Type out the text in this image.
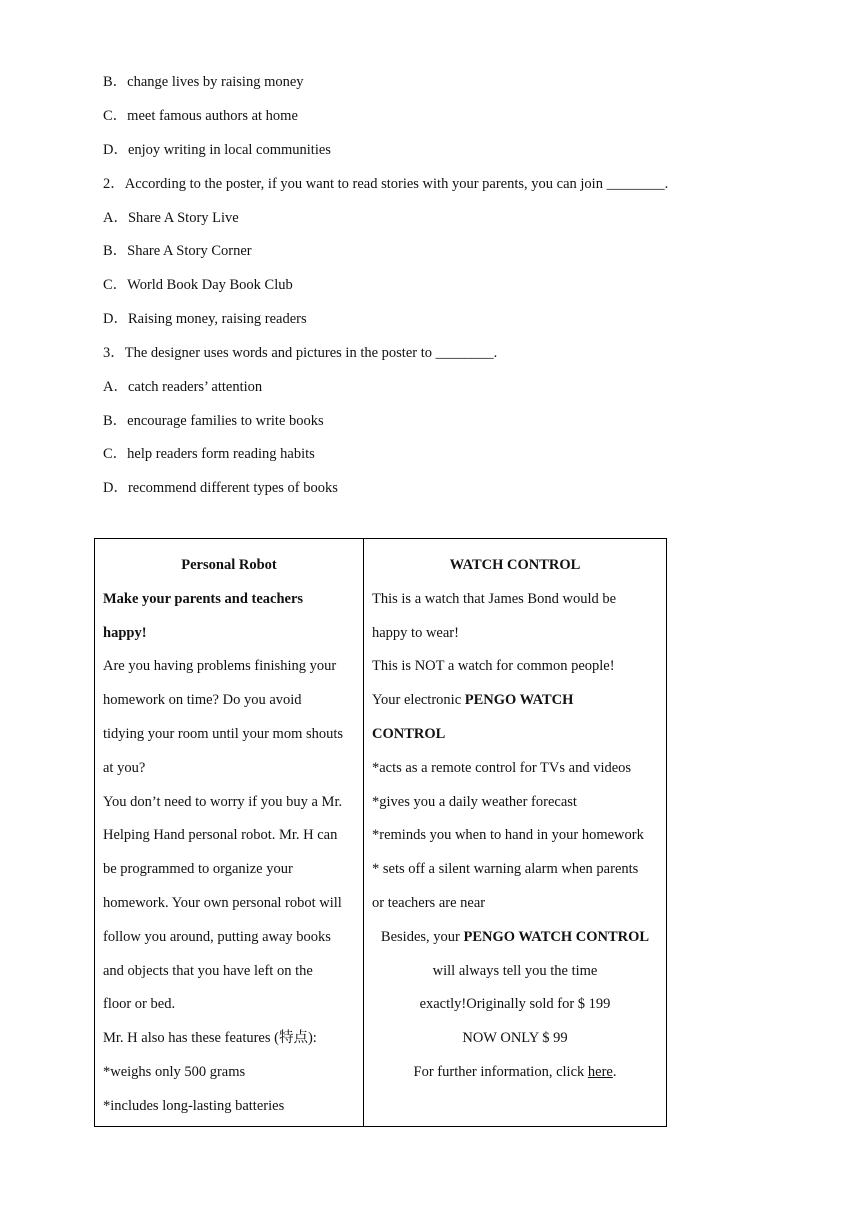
B．change lives by raising money
C．meet famous authors at home
D．enjoy writing in local communities
2．According to the poster, if you want to read stories with your parents, you can join ________.
A．Share A Story Live
B．Share A Story Corner
C．World Book Day Book Club
D．Raising money, raising readers
3．The designer uses words and pictures in the poster to ________.
A．catch readers’ attention
B．encourage families to write books
C．help readers form reading habits
D．recommend different types of books
Personal Robot
Make your parents and teachers
happy!
Are you having problems finishing your
homework on time? Do you avoid
tidying your room until your mom shouts
at you?
You don’t need to worry if you buy a Mr.
Helping Hand personal robot. Mr. H can
be programmed to organize your
homework. Your own personal robot will
follow you around, putting away books
and objects that you have left on the
floor or bed.
Mr. H also has these features (特点):
*weighs only 500 grams
*includes long-lasting batteries

WATCH CONTROL
This is a watch that James Bond would be
happy to wear!
This is NOT a watch for common people!
Your electronic PENGO WATCH
CONTROL
*acts as a remote control for TVs and videos
*gives you a daily weather forecast
*reminds you when to hand in your homework
* sets off a silent warning alarm when parents
or teachers are near
Besides, your PENGO WATCH CONTROL
will always tell you the time
exactly!Originally sold for $ 199
NOW ONLY $ 99
For further information, click here.
